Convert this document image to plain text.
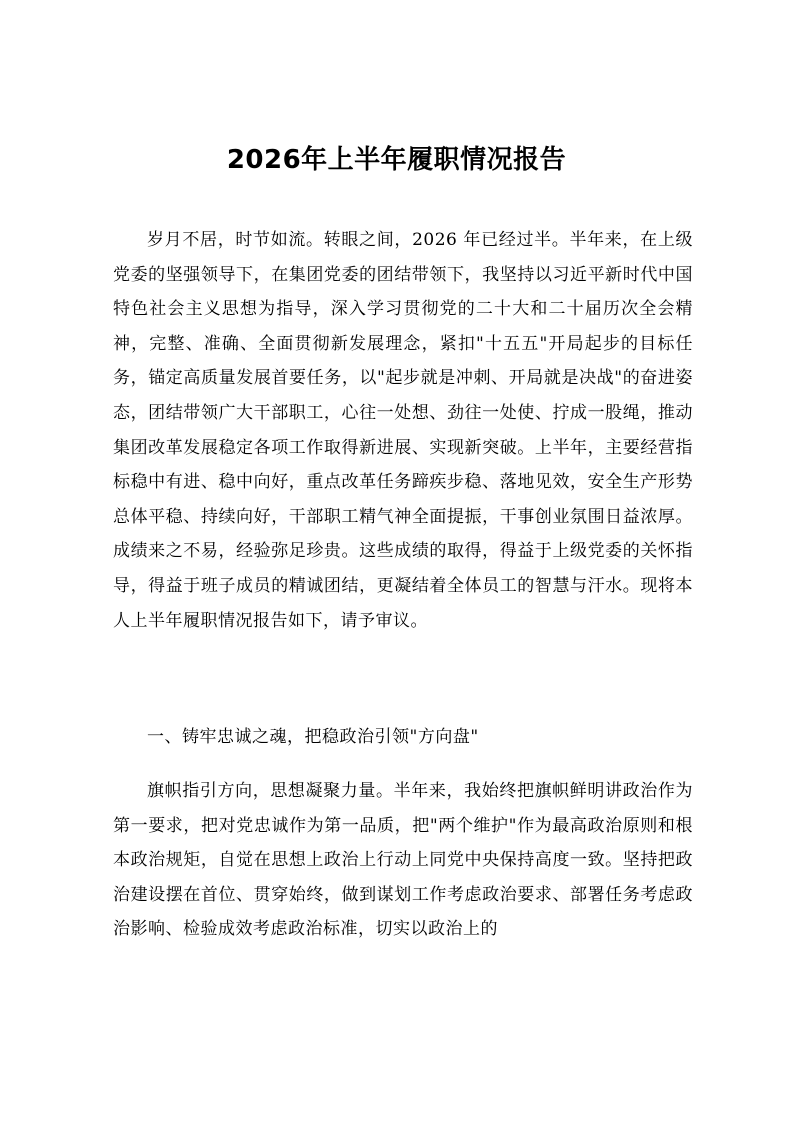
2026年上半年履职情况报告

岁月不居，时节如流。转眼之间，2026 年已经过半。半年来，在上级党委的坚强领导下，在集团党委的团结带领下，我坚持以习近平新时代中国特色社会主义思想为指导，深入学习贯彻党的二十大和二十届历次全会精神，完整、准确、全面贯彻新发展理念，紧扣"十五五"开局起步的目标任务，锚定高质量发展首要任务，以"起步就是冲刺、开局就是决战"的奋进姿态，团结带领广大干部职工，心往一处想、劲往一处使、拧成一股绳，推动集团改革发展稳定各项工作取得新进展、实现新突破。上半年，主要经营指标稳中有进、稳中向好，重点改革任务蹄疾步稳、落地见效，安全生产形势总体平稳、持续向好，干部职工精气神全面提振，干事创业氛围日益浓厚。成绩来之不易，经验弥足珍贵。这些成绩的取得，得益于上级党委的关怀指导，得益于班子成员的精诚团结，更凝结着全体员工的智慧与汗水。现将本人上半年履职情况报告如下，请予审议。

一、铸牢忠诚之魂，把稳政治引领"方向盘"

旗帜指引方向，思想凝聚力量。半年来，我始终把旗帜鲜明讲政治作为第一要求，把对党忠诚作为第一品质，把"两个维护"作为最高政治原则和根本政治规矩，自觉在思想上政治上行动上同党中央保持高度一致。坚持把政治建设摆在首位、贯穿始终，做到谋划工作考虑政治要求、部署任务考虑政治影响、检验成效考虑政治标准，切实以政治上的
